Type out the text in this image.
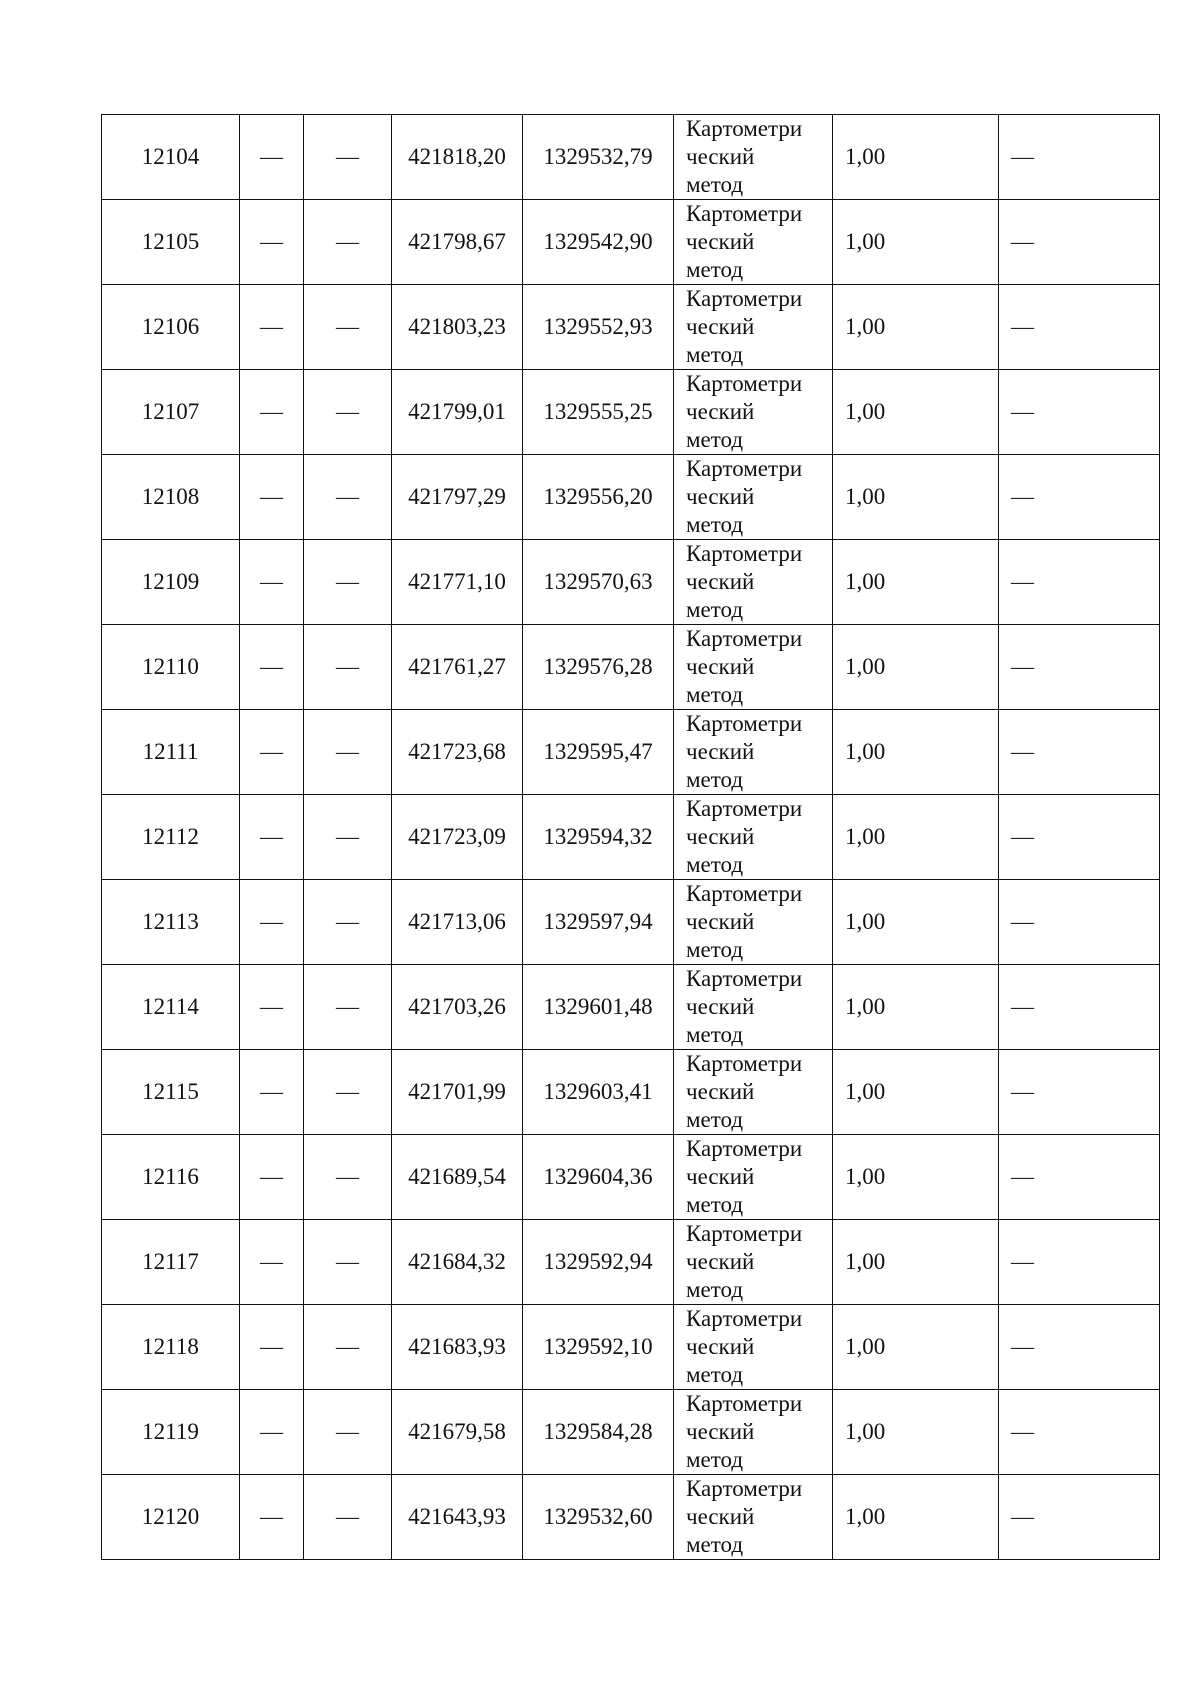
12104	—	—	421818,20	1329532,79	Картометри
ческий
метод	1,00	—
12105	—	—	421798,67	1329542,90	Картометри
ческий
метод	1,00	—
12106	—	—	421803,23	1329552,93	Картометри
ческий
метод	1,00	—
12107	—	—	421799,01	1329555,25	Картометри
ческий
метод	1,00	—
12108	—	—	421797,29	1329556,20	Картометри
ческий
метод	1,00	—
12109	—	—	421771,10	1329570,63	Картометри
ческий
метод	1,00	—
12110	—	—	421761,27	1329576,28	Картометри
ческий
метод	1,00	—
12111	—	—	421723,68	1329595,47	Картометри
ческий
метод	1,00	—
12112	—	—	421723,09	1329594,32	Картометри
ческий
метод	1,00	—
12113	—	—	421713,06	1329597,94	Картометри
ческий
метод	1,00	—
12114	—	—	421703,26	1329601,48	Картометри
ческий
метод	1,00	—
12115	—	—	421701,99	1329603,41	Картометри
ческий
метод	1,00	—
12116	—	—	421689,54	1329604,36	Картометри
ческий
метод	1,00	—
12117	—	—	421684,32	1329592,94	Картометри
ческий
метод	1,00	—
12118	—	—	421683,93	1329592,10	Картометри
ческий
метод	1,00	—
12119	—	—	421679,58	1329584,28	Картометри
ческий
метод	1,00	—
12120	—	—	421643,93	1329532,60	Картометри
ческий
метод	1,00	—
